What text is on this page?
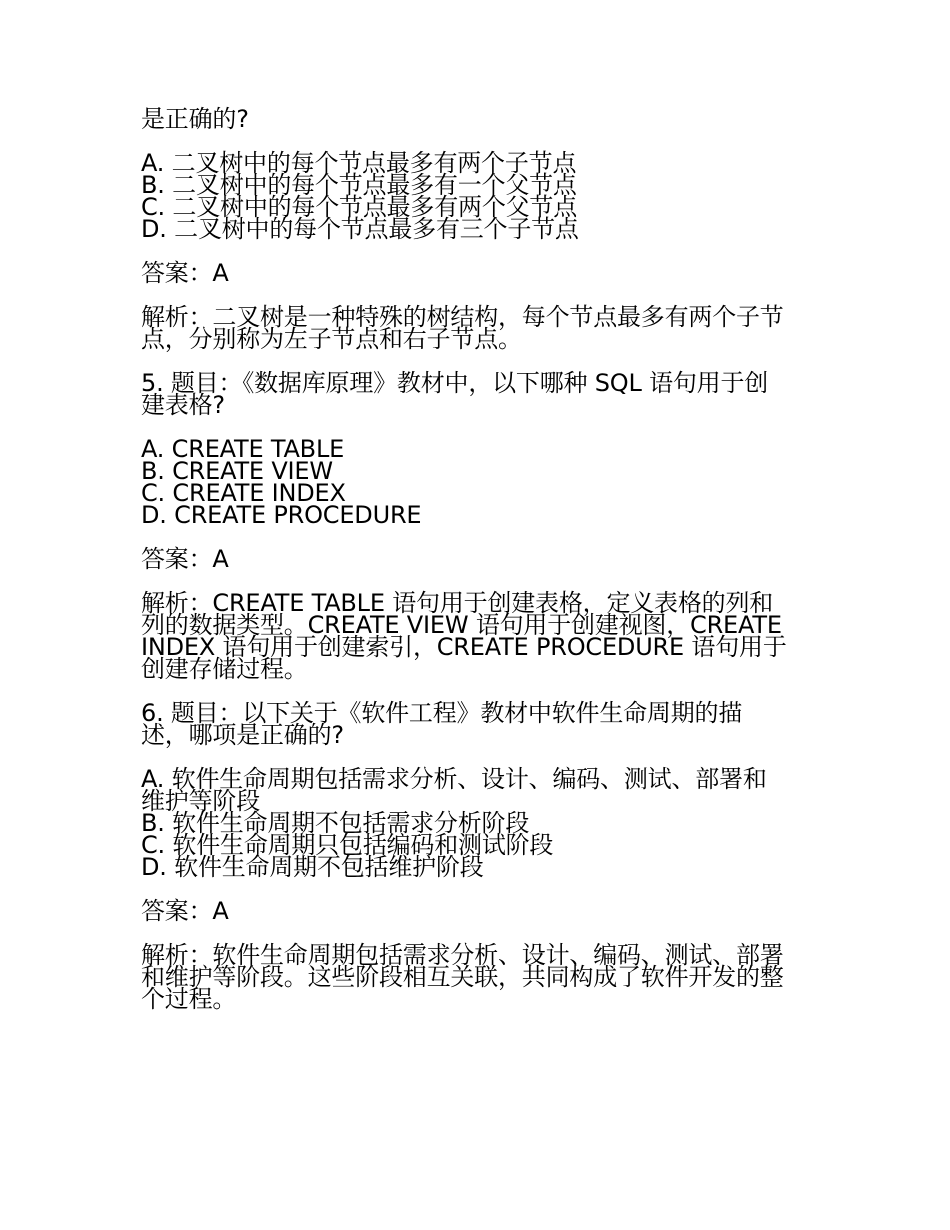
是正确的?
A. 二叉树中的每个节点最多有两个子节点
B. 二叉树中的每个节点最多有一个父节点
C. 二叉树中的每个节点最多有两个父节点
D. 二叉树中的每个节点最多有三个子节点
答案：A
解析：二叉树是一种特殊的树结构，每个节点最多有两个子节
点，分别称为左子节点和右子节点。
5. 题目：《数据库原理》教材中，以下哪种 SQL 语句用于创
建表格?
A. CREATE TABLE
B. CREATE VIEW
C. CREATE INDEX
D. CREATE PROCEDURE
答案：A
解析：CREATE TABLE 语句用于创建表格，定义表格的列和
列的数据类型。CREATE VIEW 语句用于创建视图，CREATE
INDEX 语句用于创建索引，CREATE PROCEDURE 语句用于
创建存储过程。
6. 题目：以下关于《软件工程》教材中软件生命周期的描
述，哪项是正确的?
A. 软件生命周期包括需求分析、设计、编码、测试、部署和
维护等阶段
B. 软件生命周期不包括需求分析阶段
C. 软件生命周期只包括编码和测试阶段
D. 软件生命周期不包括维护阶段
答案：A
解析：软件生命周期包括需求分析、设计、编码、测试、部署
和维护等阶段。这些阶段相互关联，共同构成了软件开发的整
个过程。
